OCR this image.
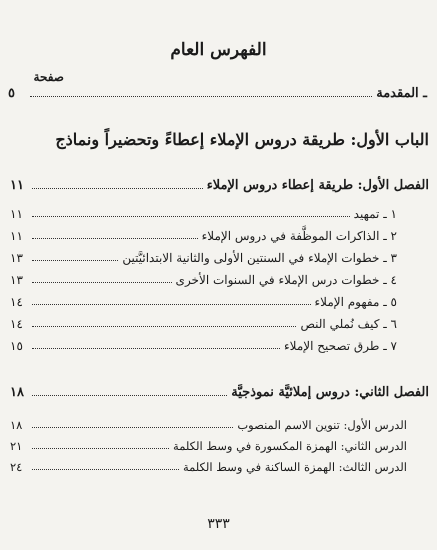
الفهرس العام
صفحة
ـ المقدمة
٥
الباب الأول: طريقة دروس الإملاء إعطاءً وتحضيراً ونماذج
الفصل الأول: طريقة إعطاء دروس الإملاء
١١
١ ـ تمهيد
١١
٢ ـ الذاكرات الموظَّفة في دروس الإملاء
١١
٣ ـ خطوات الإملاء في السنتين الأولى والثانية الابتدائيَّتين
١٣
٤ ـ خطوات درس الإملاء في السنوات الأخرى
١٣
٥ ـ مفهوم الإملاء
١٤
٦ ـ كيف نُملي النص
١٤
٧ ـ طرق تصحيح الإملاء
١٥
الفصل الثاني: دروس إملائيَّة نموذجيَّة
١٨
الدرس الأول: تنوين الاسم المنصوب
١٨
الدرس الثاني: الهمزة المكسورة في وسط الكلمة
٢١
الدرس الثالث: الهمزة الساكنة في وسط الكلمة
٢٤
٣٣٣
